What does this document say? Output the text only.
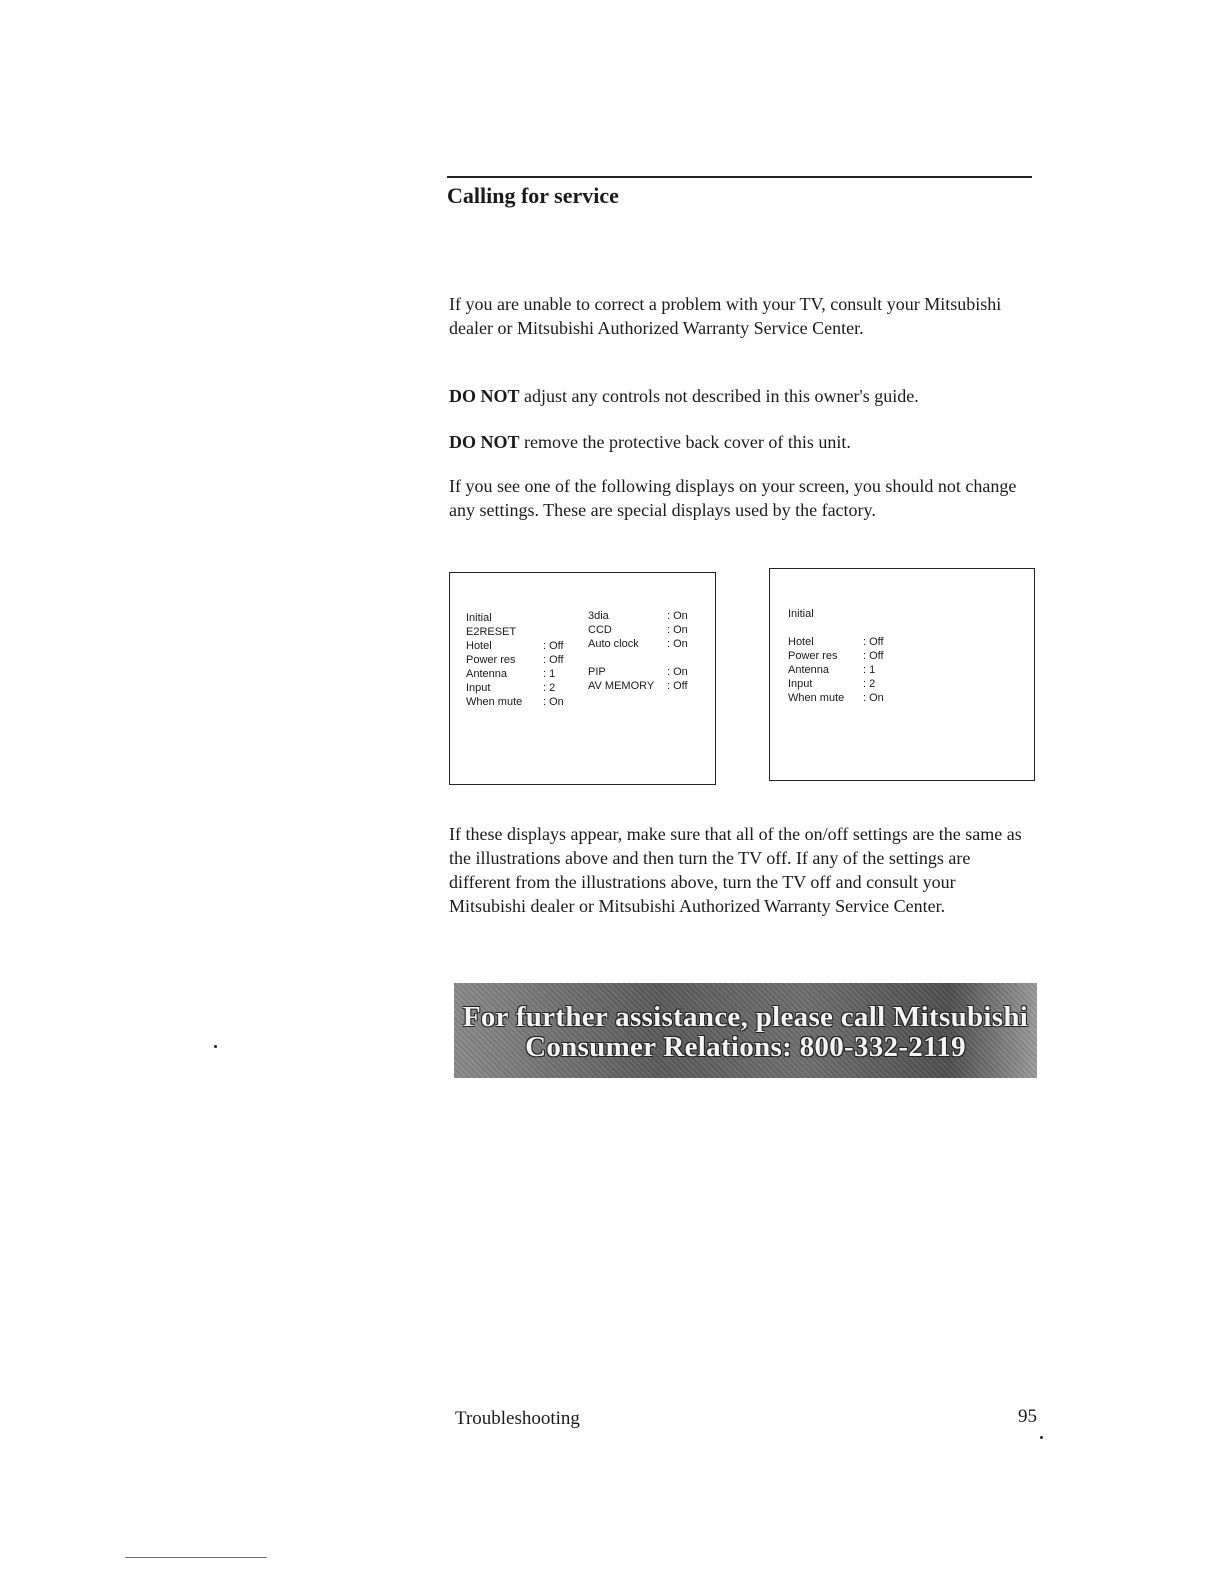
Calling for service

If you are unable to correct a problem with your TV, consult your Mitsubishi dealer or Mitsubishi Authorized Warranty Service Center.

DO NOT adjust any controls not described in this owner's guide.

DO NOT remove the protective back cover of this unit.

If you see one of the following displays on your screen, you should not change any settings. These are special displays used by the factory.

Initial
E2RESET
Hotel
Power res
Antenna
Input
When mute

: Off
: Off
: 1
: 2
: On
3dia
CCD
Auto clock

PIP
AV MEMORY
: On
: On
: On

: On
: Off
Initial
Hotel
Power res
Antenna
Input
When mute
: Off
: Off
: 1
: 2
: On

If these displays appear, make sure that all of the on/off settings are the same as the illustrations above and then turn the TV off. If any of the settings are different from the illustrations above, turn the TV off and consult your Mitsubishi dealer or Mitsubishi Authorized Warranty Service Center.

For further assistance, please call Mitsubishi
Consumer Relations: 800-332-2119
Troubleshooting	95
